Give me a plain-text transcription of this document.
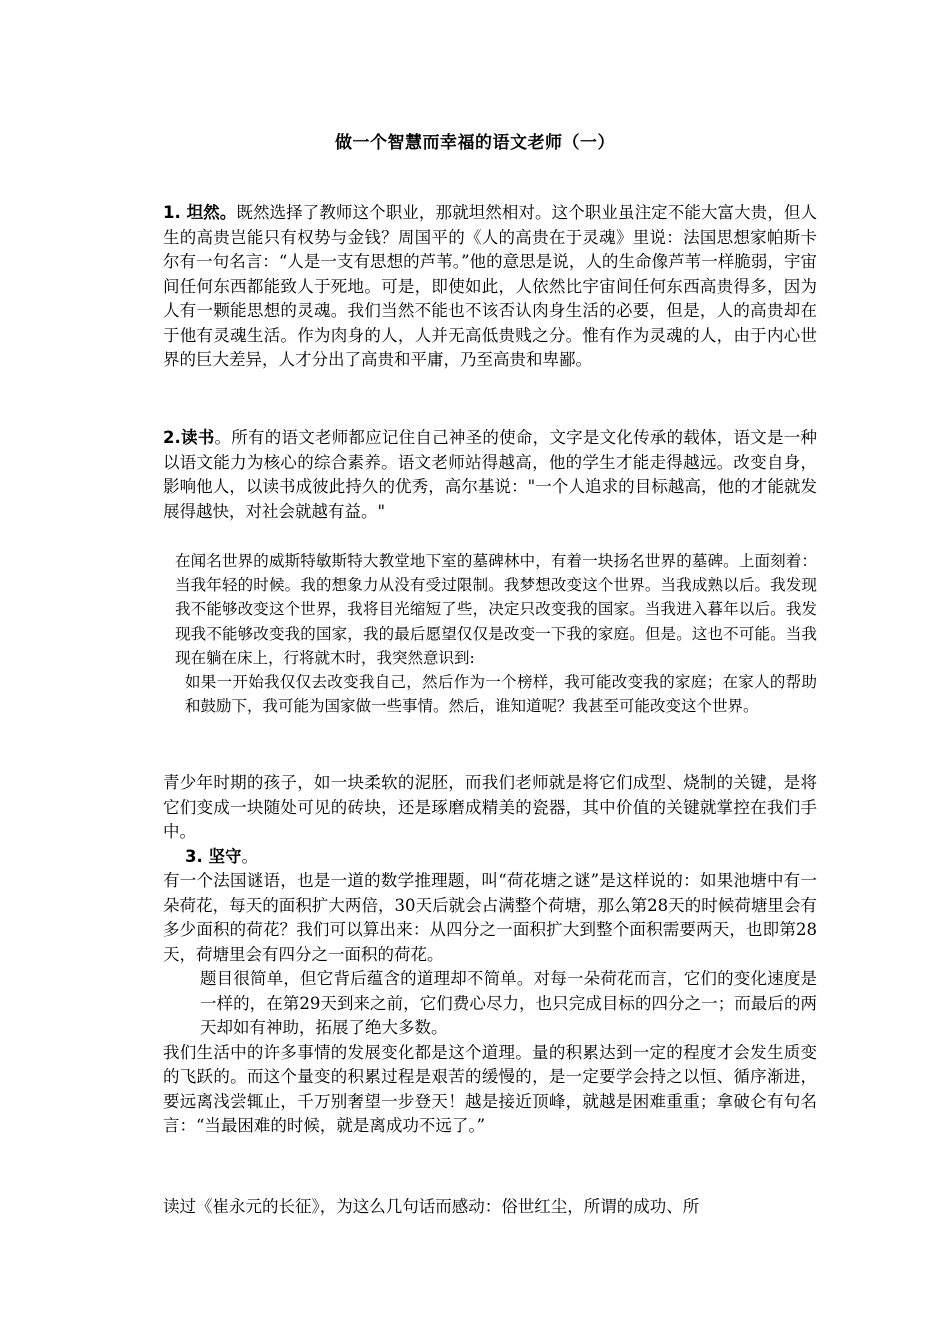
做一个智慧而幸福的语文老师（一）

1. 坦然。既然选择了教师这个职业，那就坦然相对。这个职业虽注定不能大富大贵，但人生的高贵岂能只有权势与金钱？周国平的《人的高贵在于灵魂》里说：法国思想家帕斯卡尔有一句名言：“人是一支有思想的芦苇。”他的意思是说，人的生命像芦苇一样脆弱，宇宙间任何东西都能致人于死地。可是，即使如此，人依然比宇宙间任何东西高贵得多，因为人有一颗能思想的灵魂。我们当然不能也不该否认肉身生活的必要，但是，人的高贵却在于他有灵魂生活。作为肉身的人，人并无高低贵贱之分。惟有作为灵魂的人，由于内心世界的巨大差异，人才分出了高贵和平庸，乃至高贵和卑鄙。

2.读书。所有的语文老师都应记住自己神圣的使命，文字是文化传承的载体，语文是一种以语文能力为核心的综合素养。语文老师站得越高，他的学生才能走得越远。改变自身，影响他人，以读书成彼此持久的优秀，高尔基说："一个人追求的目标越高，他的才能就发展得越快，对社会就越有益。"

在闻名世界的威斯特敏斯特大教堂地下室的墓碑林中，有着一块扬名世界的墓碑。上面刻着：当我年轻的时候。我的想象力从没有受过限制。我梦想改变这个世界。当我成熟以后。我发现我不能够改变这个世界，我将目光缩短了些，决定只改变我的国家。当我进入暮年以后。我发现我不能够改变我的国家，我的最后愿望仅仅是改变一下我的家庭。但是。这也不可能。当我现在躺在床上，行将就木时，我突然意识到:

如果一开始我仅仅去改变我自己，然后作为一个榜样，我可能改变我的家庭；在家人的帮助和鼓励下，我可能为国家做一些事情。然后，谁知道呢？我甚至可能改变这个世界。

青少年时期的孩子，如一块柔软的泥胚，而我们老师就是将它们成型、烧制的关键，是将它们变成一块随处可见的砖块，还是琢磨成精美的瓷器，其中价值的关键就掌控在我们手中。

3. 坚守。

有一个法国谜语，也是一道的数学推理题，叫“荷花塘之谜”是这样说的：如果池塘中有一朵荷花，每天的面积扩大两倍，30天后就会占满整个荷塘，那么第28天的时候荷塘里会有多少面积的荷花？我们可以算出来：从四分之一面积扩大到整个面积需要两天，也即第28天，荷塘里会有四分之一面积的荷花。

题目很简单，但它背后蕴含的道理却不简单。对每一朵荷花而言，它们的变化速度是一样的，在第29天到来之前，它们费心尽力，也只完成目标的四分之一；而最后的两天却如有神助，拓展了绝大多数。

我们生活中的许多事情的发展变化都是这个道理。量的积累达到一定的程度才会发生质变的飞跃的。而这个量变的积累过程是艰苦的缓慢的，是一定要学会持之以恒、循序渐进，要远离浅尝辄止，千万别奢望一步登天！越是接近顶峰，就越是困难重重；拿破仑有句名言：“当最困难的时候，就是离成功不远了。”

读过《崔永元的长征》，为这么几句话而感动：俗世红尘，所谓的成功、所
